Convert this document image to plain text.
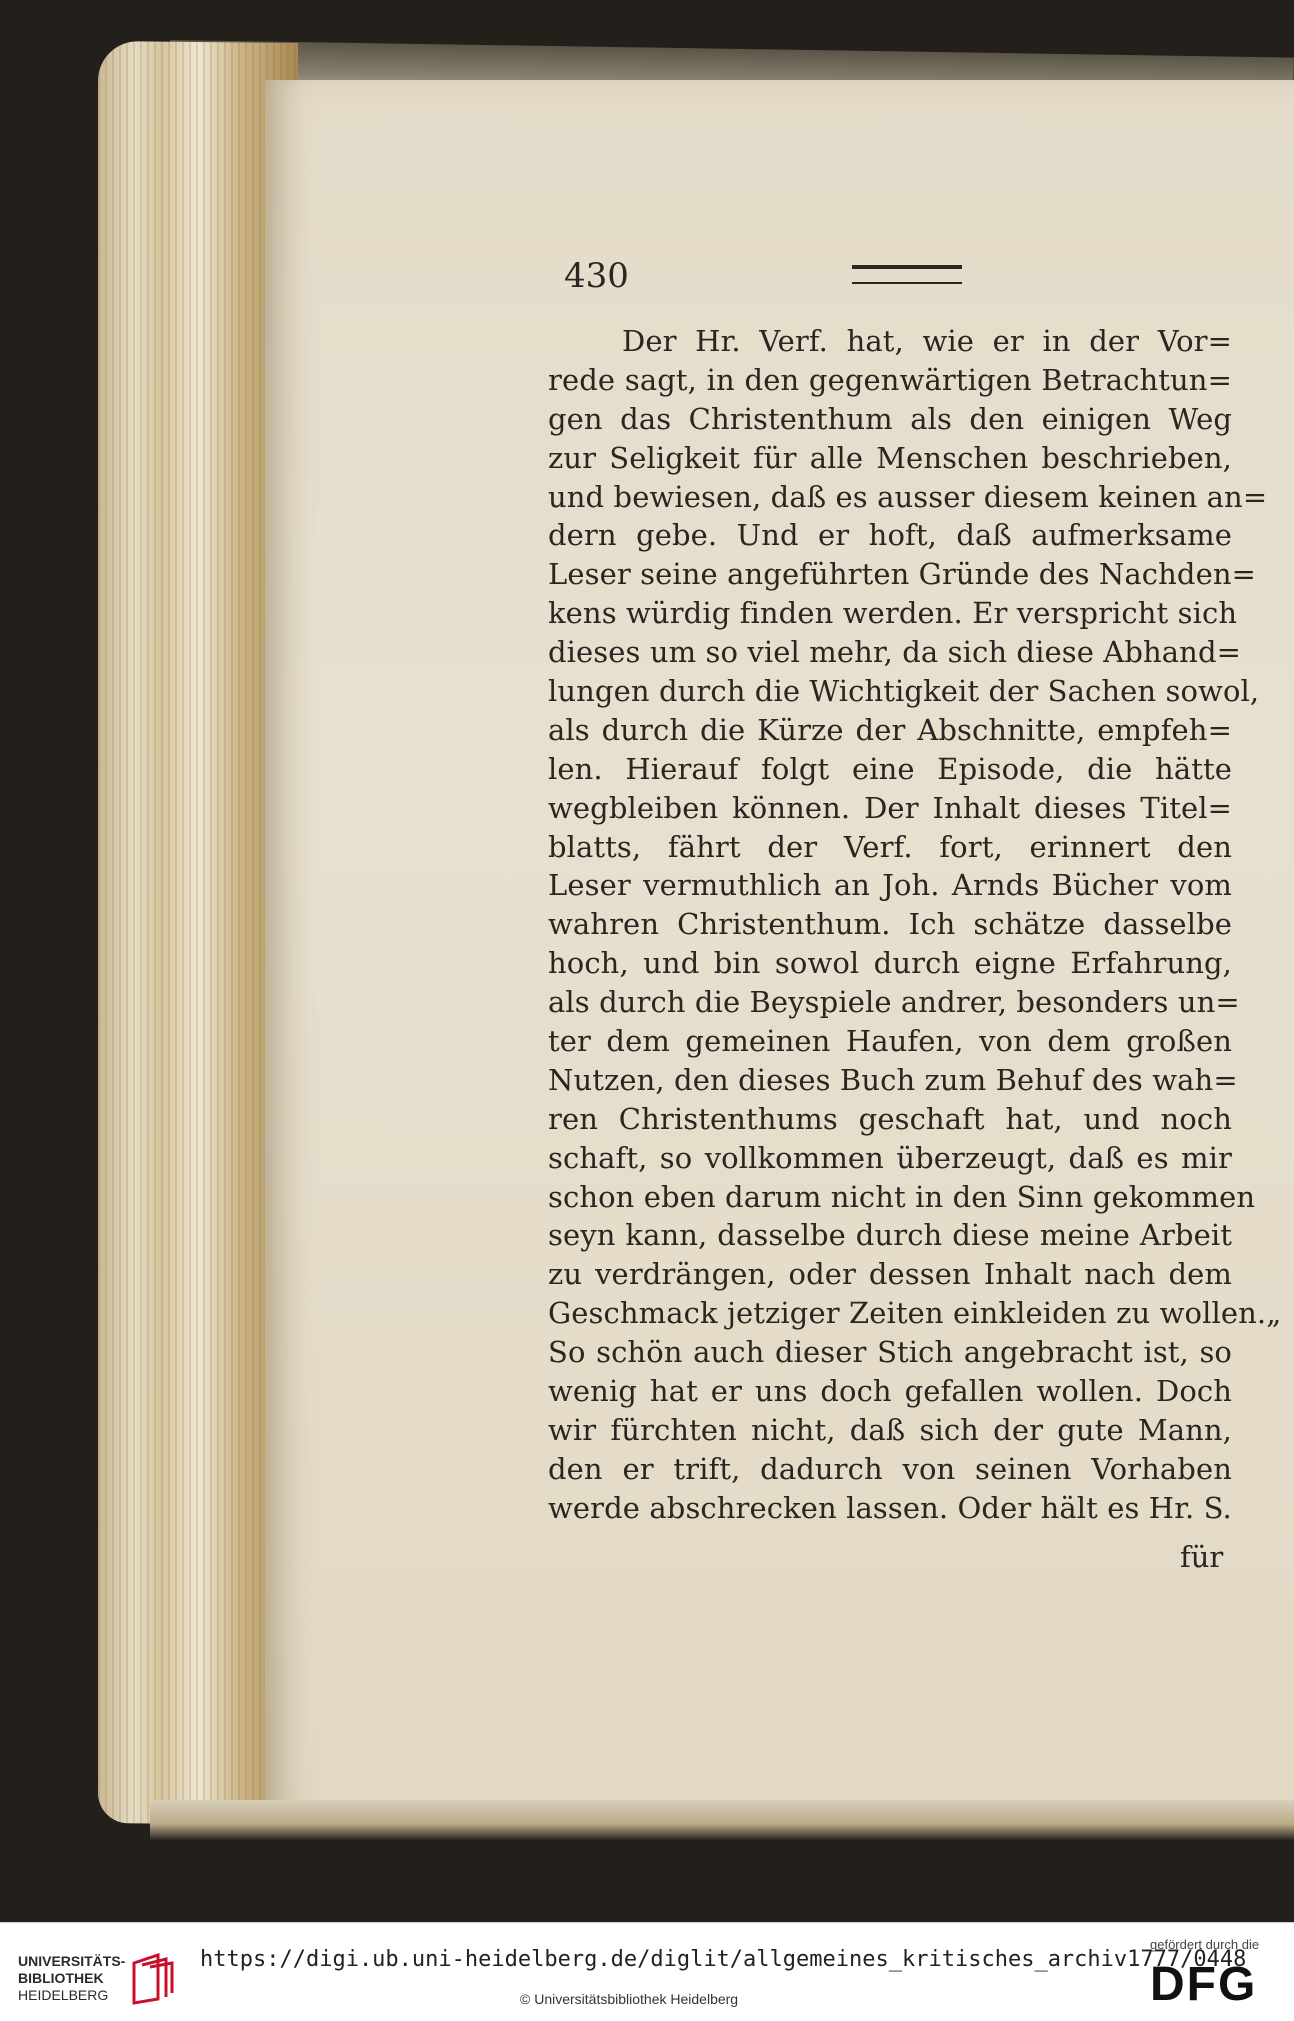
430
Der Hr. Verf. hat, wie er in der Vor=
rede sagt, in den gegenwärtigen Betrachtun=
gen das Christenthum als den einigen Weg
zur Seligkeit für alle Menschen beschrieben,
und bewiesen, daß es ausser diesem keinen an=
dern gebe. Und er hoft, daß aufmerksame
Leser seine angeführten Gründe des Nachden=
kens würdig finden werden. Er verspricht sich
dieses um so viel mehr, da sich diese Abhand=
lungen durch die Wichtigkeit der Sachen sowol,
als durch die Kürze der Abschnitte, empfeh=
len. Hierauf folgt eine Episode, die hätte
wegbleiben können. Der Inhalt dieses Titel=
blatts, fährt der Verf. fort, erinnert den
Leser vermuthlich an Joh. Arnds Bücher vom
wahren Christenthum. Ich schätze dasselbe
hoch, und bin sowol durch eigne Erfahrung,
als durch die Beyspiele andrer, besonders un=
ter dem gemeinen Haufen, von dem großen
Nutzen, den dieses Buch zum Behuf des wah=
ren Christenthums geschaft hat, und noch
schaft, so vollkommen überzeugt, daß es mir
schon eben darum nicht in den Sinn gekommen
seyn kann, dasselbe durch diese meine Arbeit
zu verdrängen, oder dessen Inhalt nach dem
Geschmack jetziger Zeiten einkleiden zu wollen.„
So schön auch dieser Stich angebracht ist, so
wenig hat er uns doch gefallen wollen. Doch
wir fürchten nicht, daß sich der gute Mann,
den er trift, dadurch von seinen Vorhaben
werde abschrecken lassen. Oder hält es Hr. S.
für
UNIVERSITÄTS-
BIBLIOTHEK
HEIDELBERG
https://digi.ub.uni-heidelberg.de/diglit/allgemeines_kritisches_archiv1777/0448
© Universitätsbibliothek Heidelberg
gefördert durch die
DFG
